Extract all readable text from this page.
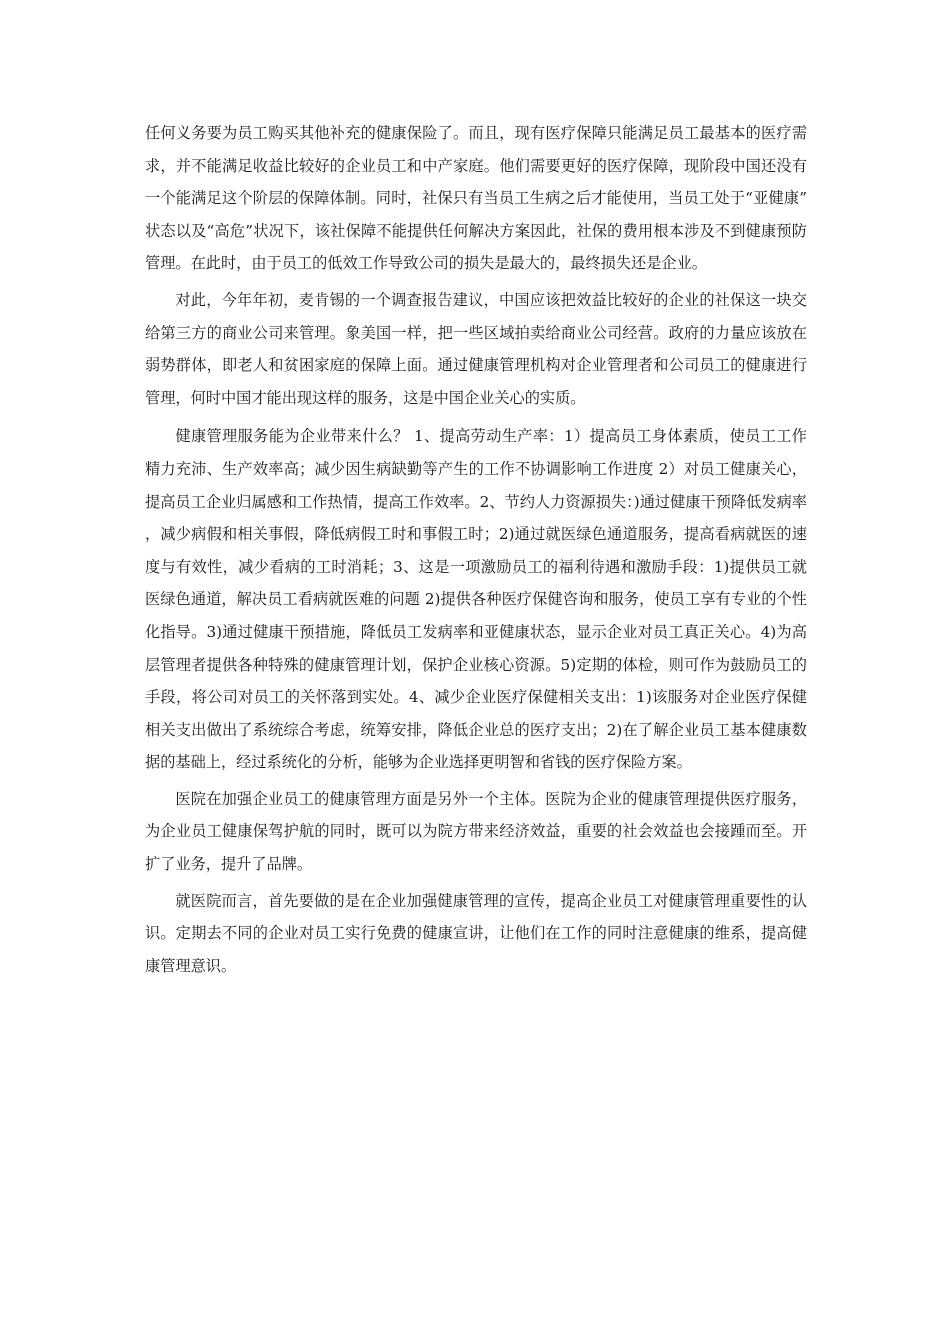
任何义务要为员工购买其他补充的健康保险了。而且，现有医疗保障只能满足员工最基本的医疗需求，并不能满足收益比较好的企业员工和中产家庭。他们需要更好的医疗保障，现阶段中国还没有一个能满足这个阶层的保障体制。同时，社保只有当员工生病之后才能使用，当员工处于“亚健康”状态以及“高危”状况下，该社保障不能提供任何解决方案因此，社保的费用根本涉及不到健康预防管理。在此时，由于员工的低效工作导致公司的损失是最大的，最终损失还是企业。

对此，今年年初，麦肯锡的一个调查报告建议，中国应该把效益比较好的企业的社保这一块交给第三方的商业公司来管理。象美国一样，把一些区域拍卖给商业公司经营。政府的力量应该放在弱势群体，即老人和贫困家庭的保障上面。通过健康管理机构对企业管理者和公司员工的健康进行管理，何时中国才能出现这样的服务，这是中国企业关心的实质。

健康管理服务能为企业带来什么？ 1、提高劳动生产率：1）提高员工身体素质，使员工工作精力充沛、生产效率高；减少因生病缺勤等产生的工作不协调影响工作进度 2）对员工健康关心，提高员工企业归属感和工作热情，提高工作效率。2、节约人力资源损失：)通过健康干预降低发病率，减少病假和相关事假，降低病假工时和事假工时；2)通过就医绿色通道服务，提高看病就医的速度与有效性，减少看病的工时消耗；3、这是一项激励员工的福利待遇和激励手段：1)提供员工就医绿色通道，解决员工看病就医难的问题 2)提供各种医疗保健咨询和服务，使员工享有专业的个性化指导。3)通过健康干预措施，降低员工发病率和亚健康状态，显示企业对员工真正关心。4)为高层管理者提供各种特殊的健康管理计划，保护企业核心资源。5)定期的体检，则可作为鼓励员工的手段，将公司对员工的关怀落到实处。4、减少企业医疗保健相关支出：1)该服务对企业医疗保健相关支出做出了系统综合考虑，统筹安排，降低企业总的医疗支出；2)在了解企业员工基本健康数据的基础上，经过系统化的分析，能够为企业选择更明智和省钱的医疗保险方案。

医院在加强企业员工的健康管理方面是另外一个主体。医院为企业的健康管理提供医疗服务，为企业员工健康保驾护航的同时，既可以为院方带来经济效益，重要的社会效益也会接踵而至。开扩了业务，提升了品牌。

就医院而言，首先要做的是在企业加强健康管理的宣传，提高企业员工对健康管理重要性的认识。定期去不同的企业对员工实行免费的健康宣讲，让他们在工作的同时注意健康的维系，提高健康管理意识。
